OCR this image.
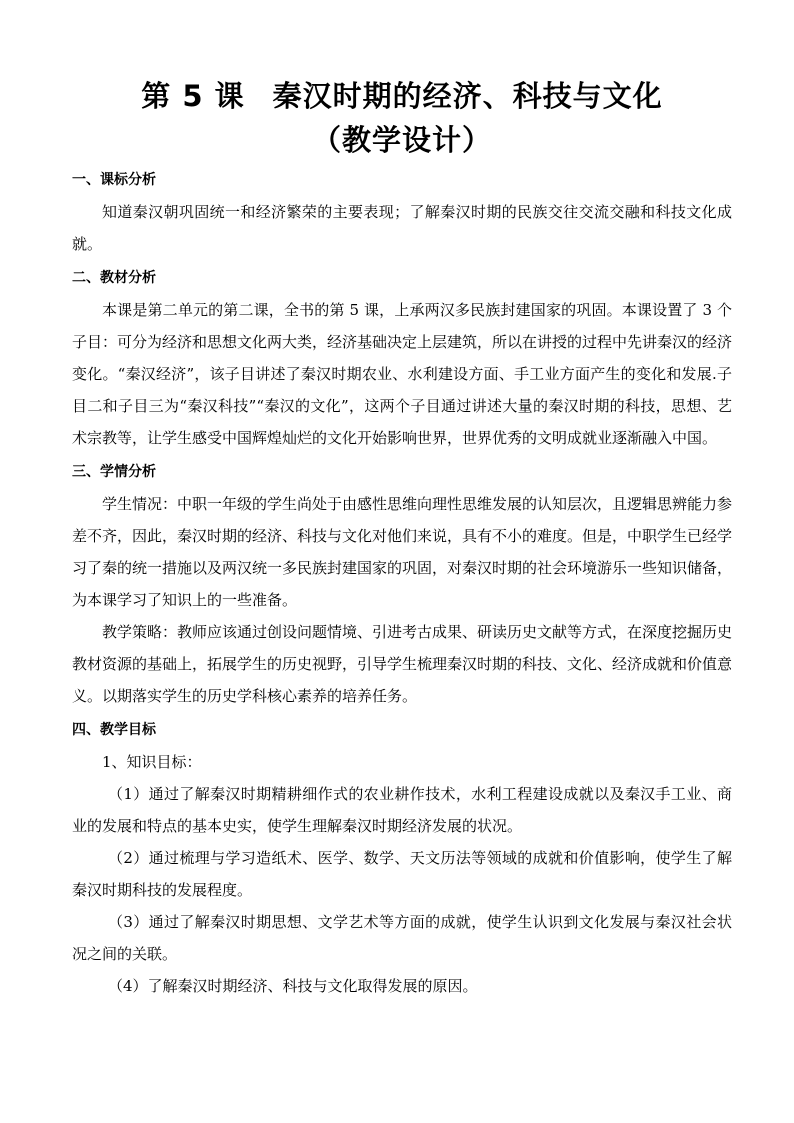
第 5 课 秦汉时期的经济、科技与文化
（教学设计）
一、课标分析

知道秦汉朝巩固统一和经济繁荣的主要表现；了解秦汉时期的民族交往交流交融和科技文化成就。

二、教材分析

本课是第二单元的第二课，全书的第 5 课，上承两汉多民族封建国家的巩固。本课设置了 3 个子目：可分为经济和思想文化两大类，经济基础决定上层建筑，所以在讲授的过程中先讲秦汉的经济变化。“秦汉经济”，该子目讲述了秦汉时期农业、水利建设方面、手工业方面产生的变化和发展.子目二和子目三为“秦汉科技”“秦汉的文化”，这两个子目通过讲述大量的秦汉时期的科技，思想、艺术宗教等，让学生感受中国辉煌灿烂的文化开始影响世界，世界优秀的文明成就业逐渐融入中国。

三、学情分析

学生情况：中职一年级的学生尚处于由感性思维向理性思维发展的认知层次，且逻辑思辨能力参差不齐，因此，秦汉时期的经济、科技与文化对他们来说，具有不小的难度。但是，中职学生已经学习了秦的统一措施以及两汉统一多民族封建国家的巩固，对秦汉时期的社会环境游乐一些知识储备，为本课学习了知识上的一些准备。

教学策略：教师应该通过创设问题情境、引进考古成果、研读历史文献等方式，在深度挖掘历史教材资源的基础上，拓展学生的历史视野，引导学生梳理秦汉时期的科技、文化、经济成就和价值意义。以期落实学生的历史学科核心素养的培养任务。

四、教学目标

1、知识目标：

（1）通过了解秦汉时期精耕细作式的农业耕作技术，水利工程建设成就以及秦汉手工业、商业的发展和特点的基本史实，使学生理解秦汉时期经济发展的状况。

（2）通过梳理与学习造纸术、医学、数学、天文历法等领域的成就和价值影响，使学生了解秦汉时期科技的发展程度。

（3）通过了解秦汉时期思想、文学艺术等方面的成就，使学生认识到文化发展与秦汉社会状况之间的关联。

（4）了解秦汉时期经济、科技与文化取得发展的原因。
